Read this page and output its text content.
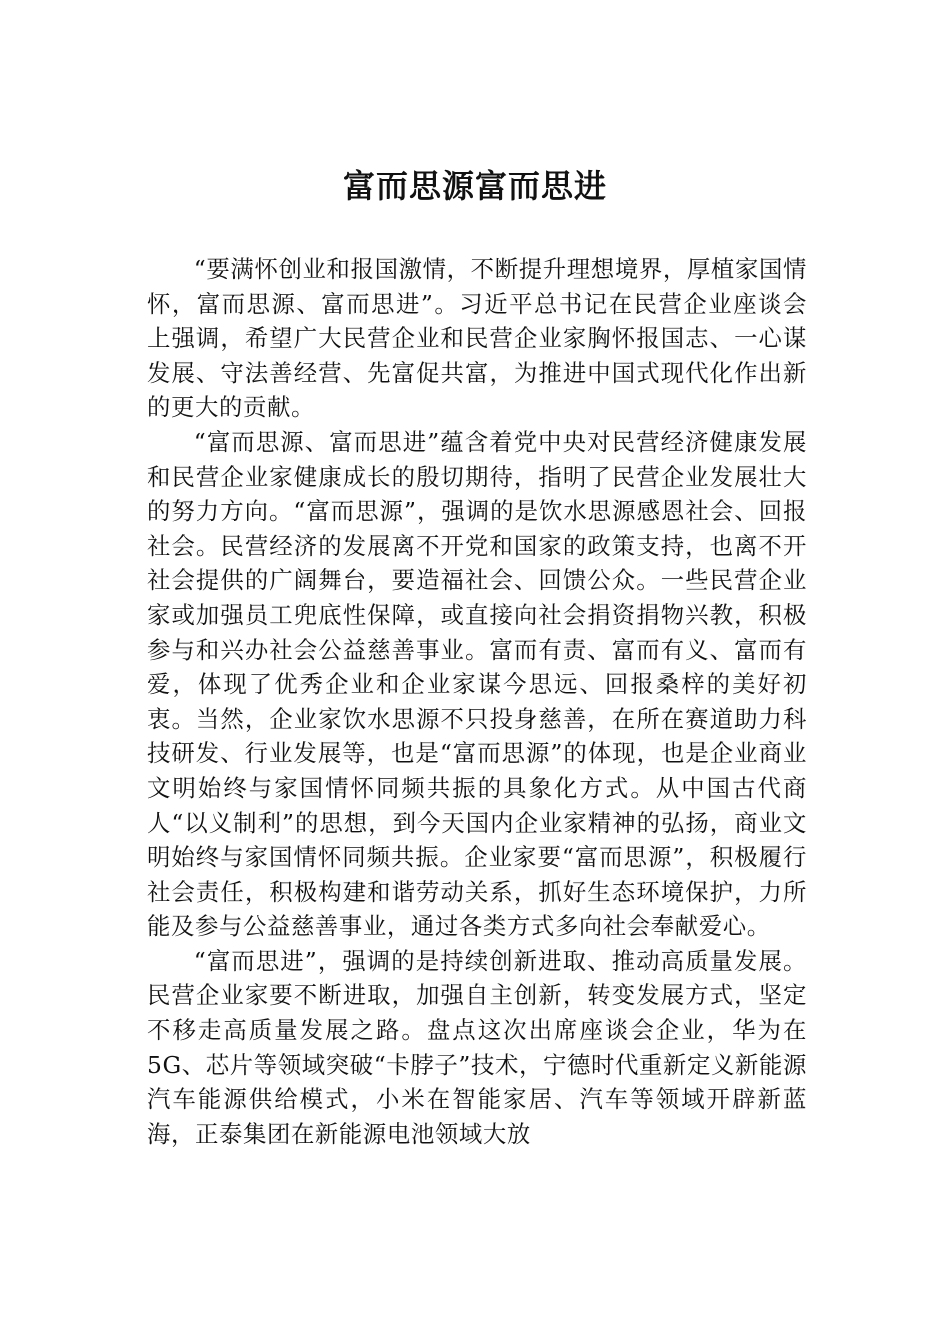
富而思源富而思进

“要满怀创业和报国激情，不断提升理想境界，厚植家国情怀，富而思源、富而思进”。习近平总书记在民营企业座谈会上强调，希望广大民营企业和民营企业家胸怀报国志、一心谋发展、守法善经营、先富促共富，为推进中国式现代化作出新的更大的贡献。

“富而思源、富而思进”蕴含着党中央对民营经济健康发展和民营企业家健康成长的殷切期待，指明了民营企业发展壮大的努力方向。“富而思源”，强调的是饮水思源感恩社会、回报社会。民营经济的发展离不开党和国家的政策支持，也离不开社会提供的广阔舞台，要造福社会、回馈公众。一些民营企业家或加强员工兜底性保障，或直接向社会捐资捐物兴教，积极参与和兴办社会公益慈善事业。富而有责、富而有义、富而有爱，体现了优秀企业和企业家谋今思远、回报桑梓的美好初衷。当然，企业家饮水思源不只投身慈善，在所在赛道助力科技研发、行业发展等，也是“富而思源”的体现，也是企业商业文明始终与家国情怀同频共振的具象化方式。从中国古代商人“以义制利”的思想，到今天国内企业家精神的弘扬，商业文明始终与家国情怀同频共振。企业家要“富而思源”，积极履行社会责任，积极构建和谐劳动关系，抓好生态环境保护，力所能及参与公益慈善事业，通过各类方式多向社会奉献爱心。

“富而思进”，强调的是持续创新进取、推动高质量发展。民营企业家要不断进取，加强自主创新，转变发展方式，坚定不移走高质量发展之路。盘点这次出席座谈会企业，华为在5G、芯片等领域突破“卡脖子”技术，宁德时代重新定义新能源汽车能源供给模式，小米在智能家居、汽车等领域开辟新蓝海，正泰集团在新能源电池领域大放
